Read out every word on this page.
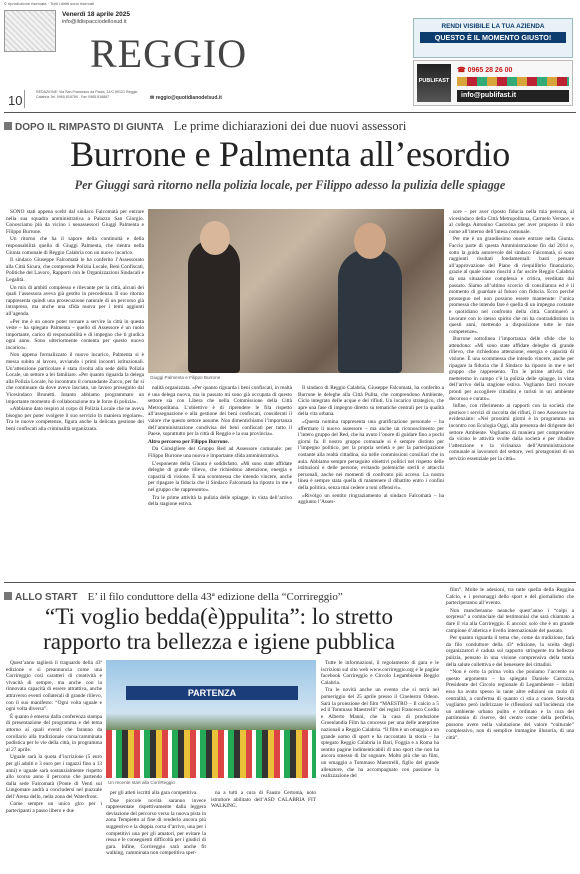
© riproduzione riservata · Tutti i diritti sono riservati
Venerdì 18 aprile 2025
info@ildispacciodellosud.it
REGGIO
10
REDAZIONE: Via San Francesco da Paola, 14/C 89121 Reggio Calabria Tel. 0965 818789 - Fax 0965 818887	✉ reggio@quotidianodelsud.it
RENDI VISIBILE LA TUA AZIENDA
QUESTO È IL MOMENTO GIUSTO!
PUBLIFAST
☎ 0965 28 26 00
info@publifast.it
DOPO IL RIMPASTO DI GIUNTA Le prime dichiarazioni dei due nuovi assessori
Burrone e Palmenta all’esordio
Per Giuggi sarà ritorno nella polizia locale, per Filippo adesso la pulizia delle spiagge

SONO stati appena scelti dal sindaco Falcomatà per entrare nella sua squadra amministrativa a Palazzo San Giorgio. Conosciamo più da vicino i neoassessori Giuggi Palmenta e Filippo Burrone.

Un ritorno che ha il sapore della continuità e della responsabilità quello di Giuggi Palmenta, che rientra nella Giunta comunale di Reggio Calabria con un nuovo incarico.

Il sindaco Giuseppe Falcomatà le ha conferito l’Assessorato alla Città Sicura, che comprende Polizia Locale, Beni Confiscati, Politiche del Lavoro, Rapporti con le Organizzazioni Sindacali e Legalità.

Un mix di ambiti complesso e rilevante per la città, alcuni dei quali l’assessora aveva già gestito in precedenza. Il suo ritorno rappresenta quindi una prosecuzione naturale di un percorso già intrapreso, ma anche una sfida nuova per i temi aggiunti all’agenda.

«Per me è un onore poter tornare a servire la città in questa veste – ha spiegato Palmenta – quello di Assessore è un ruolo importante, carico di responsabilità e di impegno che ti giudica ogni anno. Sono ulteriormente contenta per questo nuovo incarico».

Non appena formalizzato il nuovo incarico, Palmenta si è messa subito al lavoro, avviando i primi incontri istituzionali. Un’attenzione particolare è stata rivolta alla sede della Polizia Locale, un settore a lei familiare. «Per quanto riguarda la delega alla Polizia Locale, ho incontrato il comandante Zucco, per far sì che continuare da dove avevo lasciato, un lavoro proseguito dal Vicesindaco Brunetti. Intanto abbiamo programmato un importante momento di collaborazione tra le forze di polizia».

«Abbiamo dato respiro al corpo di Polizia Locale che ne aveva bisogno per poter svolgere il suo servizio in maniera regolare». Tra le nuove competenze, figura anche la delicata gestione dei beni confiscati alla criminalità organizzata.

Giuggi Palmenta e Filippo Burrone

nalità organizzata. «Per quanto riguarda i beni confiscati, in realtà è una delega nuova, ma in passato mi sono già occupata di questo settore sia con Libera che nella Commissione della Città Metropolitana. L’obiettivo è di riprendere le fila rispetto all’assegnazione e alla gestione dei beni confiscati, considerati il valore che questo settore assume. Non dimentichiamo l’importanza dell’amministrazione condivisa dei beni confiscati per tutto il Paese, soprattutto per la città di Reggio e la sua provincia».

Altro percorso per Filippo Burrone.

Da Consigliere del Gruppo Red ad Assessore comunale: per Filippo Burrone una nuova e importante sfida amministrativa.

L’esponente della Giunta è soddisfatto. «Mi sono state affidate deleghe di grande rilievo, che richiedono attenzione, energia e capacità di visione. È una scommessa che intendo vincere, anche per ripagare la fiducia che il Sindaco Falcomatà ha riposto in me e nel gruppo che rappresento».

Tra le prime attività la pulizia delle spiagge, in vista dell’arrivo della stagione estiva.

Il sindaco di Reggio Calabria, Giuseppe Falcomatà, ha conferito a Burrone le deleghe alla Città Pulita, che comprendono Ambiente, Ciclo integrato delle acque e dei rifiuti. Un incarico strategico, che apre una fase di impegno diretto su tematiche centrali per la qualità della vita urbana.

«Questa nomina rappresenta una gratificazione personale – ha affermato il nuovo assessore – ma anche un riconoscimento per l’intero gruppo del Red, che ha avuto l’onore di guidare fino a pochi giorni fa. Il nostro gruppo comunale si è sempre distinto per l’impegno politico, per la propria serietà e per la partecipazione costante alla realtà cittadina, sia nelle commissioni consiliari che in aula. Abbiamo sempre perseguito obiettivi politici nel rispetto delle istituzioni e delle persone, evitando polemiche sterili e attacchi personali, anche nei momenti di confronto più acceso. La nostra linea è sempre stata quella di mantenere il dibattito entro i confini della politica, senza mai cedere a toni offensivi».

«Rivolgo un sentito ringraziamento al sindaco Falcomatà – ha aggiunto l’Asses-

sore – per aver riposto fiducia nella mia persona, al vicesindaco della Città Metropolitana, Carmelo Versace, e al collega Antonino Castorina per aver proposto il mio nome all’interno dell’intesa comunale.

Per me è un grandissimo onore entrare nella Giunta. Faccio parte di questa Amministrazione fin dal 2014 e, sotto la guida autorevole del sindaco Falcomatà, si sono raggiunti risultati fondamentali: basti pensare all’approvazione del Piano di riequilibrio finanziario, grazie al quale siamo riusciti a far uscire Reggio Calabria da una situazione complessa e critica, ereditata dal passato. Siamo all’ultimo scorcio di consiliatura ed è il momento di guardare al futuro con fiducia. Ecco perché prosseguo nel non possono essere mantenute: l’unica promessa che intendo fare è quella di un impegno costante e quotidiano nel confronto della città. Continuerò a lavorare con lo stesso spirito che mi ha contraddistinto in questi anni, mettendo a disposizione tutte le mie competenze».

Burrone sottolinea l’importanza delle sfide che lo attendono: «Mi sono state affidate deleghe di grande rilievo, che richiedono attenzione, energia e capacità di visione. È una scommessa che intendo vincere, anche per ripagare la fiducia che il Sindaco ha riposto in me e nel gruppo che rappresento. Tra le prime attività che metteremo in campo c’è la pulizia delle spiagge, in vista dell’arrivo della stagione estiva. Vogliamo farci trovare pronti per accogliere cittadini e turisti in un ambiente decoroso e curato».

Infine, con riferimento ai rapporti con la società che gestisce i servizi di raccolta dei rifiuti, il neo Assessore ha evidenziato: «Nei prossimi giorni è in programma un incontro con Ecologia Oggi, alla presenza del dirigente del settore Ambiente. Vogliamo di maniera per comprendere da vicino le attività svolte dalla società e per ribadire l’attenzione e la vicinanza dell’Amministrazione comunale ai lavoratori del settore, veri protagonisti di un servizio essenziale per la città».

ALLO START E’ il filo conduttore della 43ª edizione della “Corrireggio”
“Ti voglio bedda(è)ppulita”: lo stretto
rapporto tra bellezza e igiene pubblica

Quest’anno taglierà il traguardo della 43ª edizione e si preannuncia come una Corrireggio così caratteri di creatività e vivacità di sempre, ma anche con la rinnovata capacità di essere attrattiva, anche attraverso eventi collaterali di grande rilievo, con il suo manifesto: “Ogni volta uguale e ogni volta diversa”.

È quanto è emerso dalla conferenza stampa di presentazione del programma e del tema attorno ai quali eventi che faranno da corollario alla tradizionale corsa/camminata podistica per le vie della città, in programma al 27 aprile.

Uguale sarà la quota d’iscrizione (5 euro per gli adulti e 3 euro per i ragazzi fino a 13 anni) e uguale sarà sostanzialmente rispetto allo scorso anno il percorso che partendo dalla sede Falcomatà (Ponte di Venti sul Lungomare andrà a concludersi nel piazzale dell’Arena dello, nella zona del Waterfront.

Come sempre un unico giro per i partecipanti a passo libero e due

PARTENZA
Un recente start alla CorriReggio

per gli atleti iscritti alla gara competitiva.

Due piccole novità saranno invece rappresentate rispettivamente dalla leggera deviazione del percorso verso la nuova pista in zona Tempietto al fine di renderlo ancora più suggestivo e la doppia corsa d’arrivo, una per i competitivi una per gli amatori, per evitare la ressa e le conseguenti difficoltà per i giudici di gara. Infine, Corrireggio sarà anche fit walking, camminata non competitiva sper-

na a tutti a cura di Fausto Certomà, noto istruttore abilitato dell’ASD CALABRIA FIT WALKING.

Tutte le informazioni, il regolamento di gara e le iscrizioni sul sito web www.corrireggio.org e le pagine facebook Corrireggio e Circolo Legambiente Reggio Calabria.

Tra le novità anche un evento che si terrà nel pomeriggio del 25 aprile presso il Cinelestro Odeon. Sarà la proiezione del film “MAESTRO – Il calcio a 5 ed il Tommaso Maestrelli” dei registi Francesco Cordio e Alberto Manni, che la casa di produzione Groenlandia Film ha concesso per una delle anteprime nazionali a Reggio Calabria. “Il film è un omaggio a un grande uomo di sport e ha raccontato la storia – ha spiegato Reggio Calabria in Bari, Foggia e a Roma ha sentito pagine indimenticabili di uno sport che non ha ancora smesso di far sognare. Molto più che un film, un omaggio a Tommaso Maestrelli, figlio del grande allenatore, che ha accompagnato con passione la realizzazione del

film”. Molte le adesioni, tra tutte quella della Reggina Calcio, e i personaggi dello sport e del giornalismo che parteciperanno all’evento.

Non mancheranno neanche quest’anno i “colpi a sorpresa” a cominciare dal testimonial che sarà chiamato a dare il via alla Corrireggio. E ancora: solo che è un grande campione d’atletica e livello internazionale del passato.

Per quanto riguarda il tema che, come da tradizione, farà da filo conduttore della 43ª edizione, la scelta degli organizzatori è caduta sul rapporto stringente tra bellezze pulizia, pensato in una visione comprensiva della tutela della salute collettiva e del benessere dei cittadini.

“Non è certo la prima volta che poniamo l’accento su questo argomento – ha spiegato Daniele Carrozza, Presidente del Circolo regionale di Legambiente – infatti esso ha avuto spesso in tante altre edizioni un ruolo di centralità, a conferma di quanto ci stia a cuore. Stavolta vogliamo però indirizzare le riflessioni sull’incidenza che un ambiente urbano pulito e ordinato e la cura del patrimonio di riserve, del centro come della periferia, possono avere nella valutazione del valore “culturale” complessivo, non di semplice immagine illusoria, di una città”.
